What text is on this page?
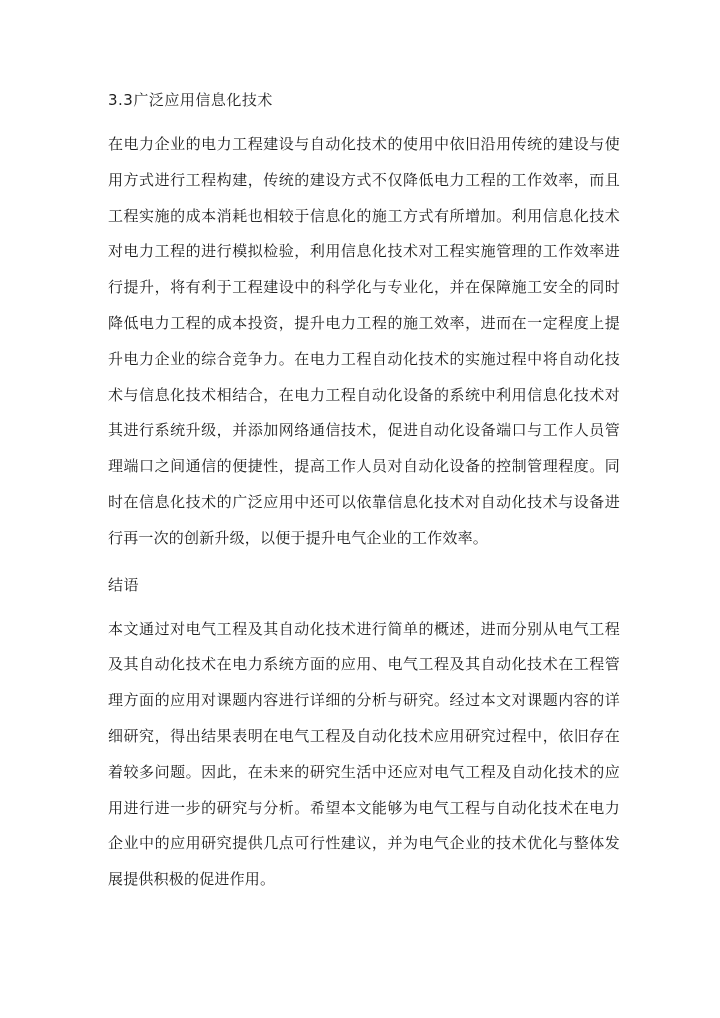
3.3广泛应用信息化技术
在电力企业的电力工程建设与自动化技术的使用中依旧沿用传统的建设与使用方式进行工程构建，传统的建设方式不仅降低电力工程的工作效率，而且工程实施的成本消耗也相较于信息化的施工方式有所增加。利用信息化技术对电力工程的进行模拟检验，利用信息化技术对工程实施管理的工作效率进行提升，将有利于工程建设中的科学化与专业化，并在保障施工安全的同时降低电力工程的成本投资，提升电力工程的施工效率，进而在一定程度上提升电力企业的综合竞争力。在电力工程自动化技术的实施过程中将自动化技术与信息化技术相结合，在电力工程自动化设备的系统中利用信息化技术对其进行系统升级，并添加网络通信技术，促进自动化设备端口与工作人员管理端口之间通信的便捷性，提高工作人员对自动化设备的控制管理程度。同时在信息化技术的广泛应用中还可以依靠信息化技术对自动化技术与设备进行再一次的创新升级，以便于提升电气企业的工作效率。
结语
本文通过对电气工程及其自动化技术进行简单的概述，进而分别从电气工程及其自动化技术在电力系统方面的应用、电气工程及其自动化技术在工程管理方面的应用对课题内容进行详细的分析与研究。经过本文对课题内容的详细研究，得出结果表明在电气工程及自动化技术应用研究过程中，依旧存在着较多问题。因此，在未来的研究生活中还应对电气工程及自动化技术的应用进行进一步的研究与分析。希望本文能够为电气工程与自动化技术在电力企业中的应用研究提供几点可行性建议，并为电气企业的技术优化与整体发展提供积极的促进作用。
